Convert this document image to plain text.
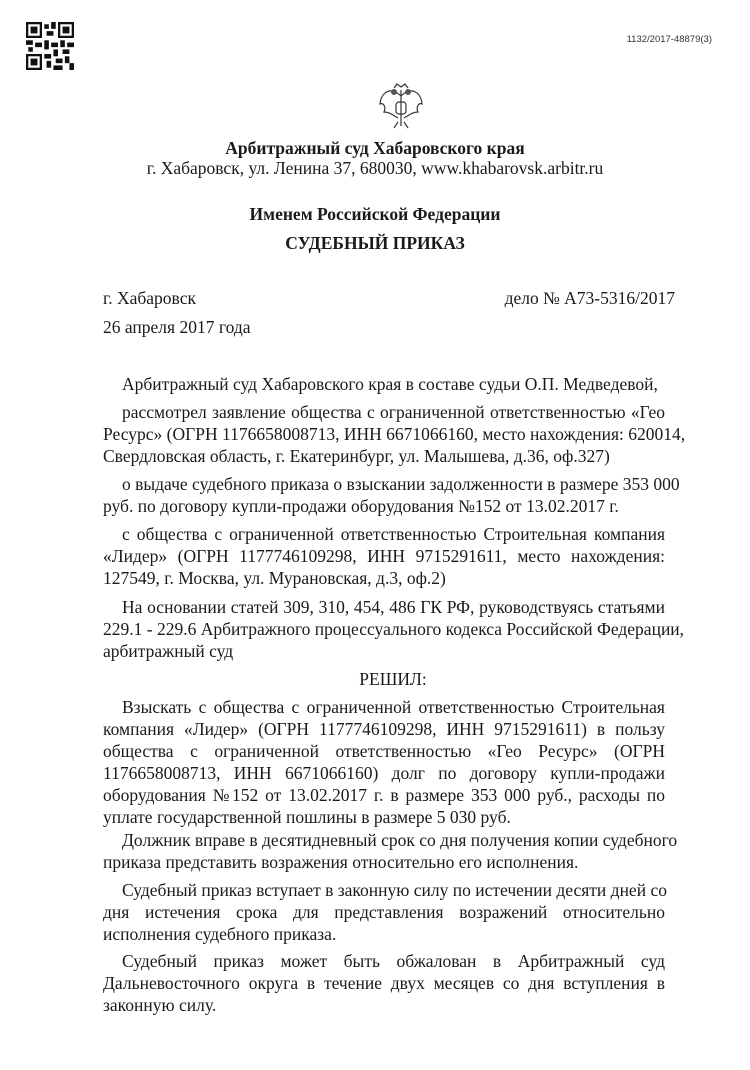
1132/2017-48879(3)
Арбитражный суд Хабаровского края
г. Хабаровск, ул. Ленина 37, 680030, www.khabarovsk.arbitr.ru
Именем Российской Федерации
СУДЕБНЫЙ ПРИКАЗ
г. Хабаровск	дело № А73-5316/2017
26 апреля 2017 года
Арбитражный суд Хабаровского края в составе судьи О.П. Медведевой,
рассмотрел заявление общества с ограниченной ответственностью «Гео
Ресурс» (ОГРН 1176658008713, ИНН 6671066160, место нахождения: 620014,
Свердловская область, г. Екатеринбург, ул. Малышева, д.36, оф.327)
о выдаче судебного приказа о взыскании задолженности в размере 353 000
руб. по договору купли-продажи оборудования №152 от 13.02.2017 г.
с общества с ограниченной ответственностью Строительная компания
«Лидер» (ОГРН 1177746109298, ИНН 9715291611, место нахождения:
127549, г. Москва, ул. Мурановская, д.3, оф.2)
На основании статей 309, 310, 454, 486 ГК РФ, руководствуясь статьями
229.1 - 229.6 Арбитражного процессуального кодекса Российской Федерации,
арбитражный суд
РЕШИЛ:
Взыскать с общества с ограниченной ответственностью Строительная
компания «Лидер» (ОГРН 1177746109298, ИНН 9715291611) в пользу
общества с ограниченной ответственностью «Гео Ресурс» (ОГРН
1176658008713, ИНН 6671066160) долг по договору купли-продажи
оборудования №152 от 13.02.2017 г. в размере 353 000 руб., расходы по
уплате государственной пошлины в размере 5 030 руб.
Должник вправе в десятидневный срок со дня получения копии судебного
приказа представить возражения относительно его исполнения.
Судебный приказ вступает в законную силу по истечении десяти дней со
дня истечения срока для представления возражений относительно
исполнения судебного приказа.
Судебный приказ может быть обжалован в Арбитражный суд
Дальневосточного округа в течение двух месяцев со дня вступления в
законную силу.
